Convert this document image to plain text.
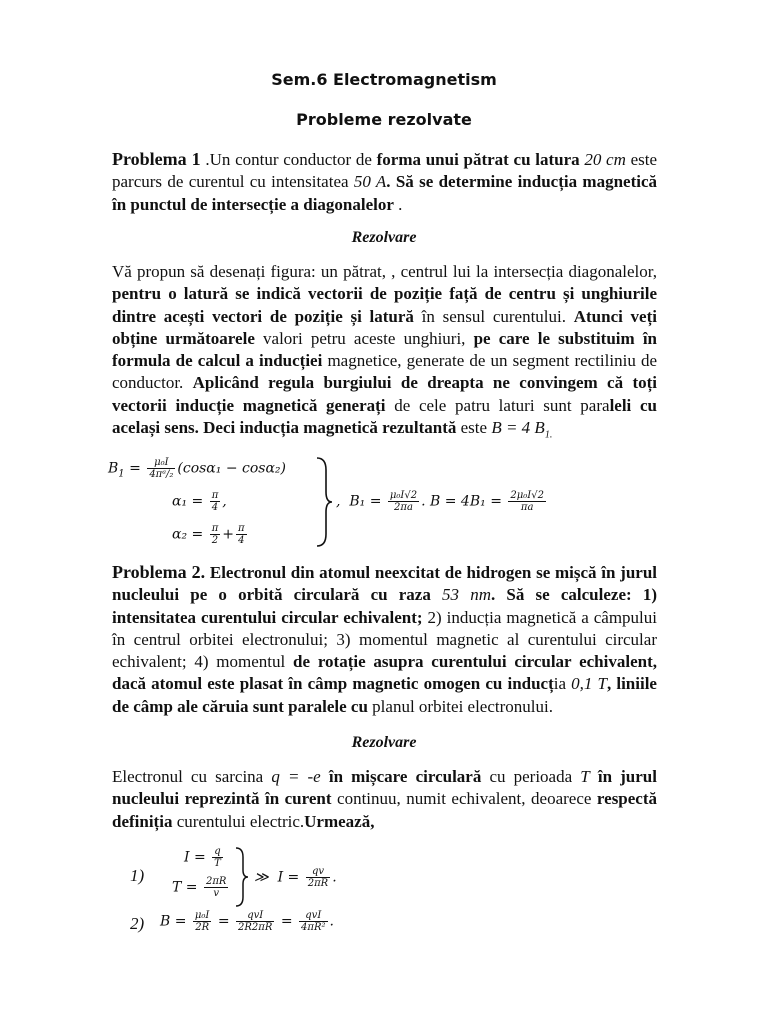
Sem.6 Electromagnetism
Probleme rezolvate
Problema 1 .Un contur conductor de forma unui pătrat cu latura 20 cm este parcurs de curentul cu intensitatea 50 A. Să se determine inducția magnetică în punctul de intersecție a diagonalelor .
Rezolvare
Vă propun să desenați figura: un pătrat, , centrul lui la intersecția diagonalelor, pentru o latură se indică vectorii de poziție față de centru și unghiurile dintre acești vectori de poziție și latură în sensul curentului. Atunci veți obține următoarele valori petru aceste unghiuri, pe care le substituim în formula de calcul a inducției magnetice, generate de un segment rectiliniu de conductor. Aplicând regula burgiului de dreapta ne convingem că toți vectorii inducție magnetică generați de cele patru laturi sunt paraleli cu același sens. Deci inducția magnetică rezultantă este B = 4 $B_{1.}$
$B_1 = \frac{\text{μ₀I}}{\text{4πᵃ/₂}} (\cos\alpha_1 - \cos\alpha_2)$
$\alpha_1 = \frac{\pi}{4}$ ,
$\alpha_2 = \frac{\pi}{2} + \frac{\pi}{4}$
, $B_1 = \frac{\text{μ₀I√2}}{2\pi a}$ . $B = 4B_1 = \frac{\text{2μ₀I√2}}{\pi a}$
Problema 2. Electronul din atomul neexcitat de hidrogen se mișcă în jurul nucleului pe o orbită circulară cu raza 53 nm. Să se calculeze: 1) intensitatea curentului circular echivalent; 2) inducția magnetică a câmpului în centrul orbitei electronului; 3) momentul magnetic al curentului circular echivalent; 4) momentul de rotație asupra curentului circular echivalent, dacă atomul este plasat în câmp magnetic omogen cu inducția 0,1 T, liniile de câmp ale căruia sunt paralele cu planul orbitei electronului.
Rezolvare
Electronul cu sarcina q = -e în mișcare circulară cu perioada T în jurul nucleului reprezintă în curent continuu, numit echivalent, deoarece respectă definiția curentului electric.Urmează,
1)
$I = \frac{q}{T}$
$T = \frac{2\pi R}{v}$ ≫ $I = \frac{qv}{2\pi R}$ .
2) $B = \frac{\text{μ₀I}}{2R} = \frac{\text{qvI}}{2R2\pi R} = \frac{\text{qvI}}{\text{4πR²}}$ .
